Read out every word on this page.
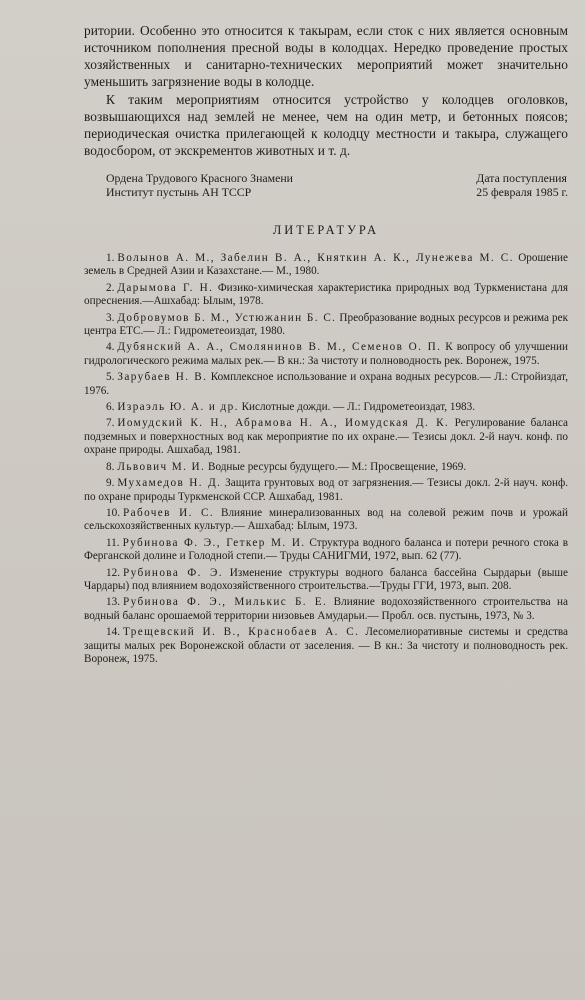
ритории. Особенно это относится к такырам, если сток с них является основным источником пополнения пресной воды в колодцах. Нередко проведение простых хозяйственных и санитарно-технических мероприятий может значительно уменьшить загрязнение воды в колодце.

К таким мероприятиям относится устройство у колодцев оголовков, возвышающихся над землей не менее, чем на один метр, и бетонных поясов; периодическая очистка прилегающей к колодцу местности и такыра, служащего водосбором, от экскрементов животных и т. д.

Ордена Трудового Красного Знамени
Институт пустынь АН ТССР
Дата поступления
25 февраля 1985 г.
ЛИТЕРАТУРА

1. Волынов А. М., Забелин В. А., Княткин А. К., Лунежева М. С. Орошение земель в Средней Азии и Казахстане.— М., 1980.

2. Дарымова Г. Н. Физико-химическая характеристика природных вод Туркменистана для опреснения.—Ашхабад: Ылым, 1978.

3. Добровумов Б. М., Устюжанин Б. С. Преобразование водных ресурсов и режима рек центра ЕТС.— Л.: Гидрометеоиздат, 1980.

4. Дубянский А. А., Смолянинов В. М., Семенов О. П. К вопросу об улучшении гидрологического режима малых рек.— В кн.: За чистоту и полноводность рек. Воронеж, 1975.

5. Зарубаев Н. В. Комплексное использование и охрана водных ресурсов.— Л.: Стройиздат, 1976.

6. Израэль Ю. А. и др. Кислотные дожди. — Л.: Гидрометеоиздат, 1983.

7. Иомудский К. Н., Абрамова Н. А., Иомудская Д. К. Регулирование баланса подземных и поверхностных вод как мероприятие по их охране.— Тезисы докл. 2-й науч. конф. по охране природы. Ашхабад, 1981.

8. Львович М. И. Водные ресурсы будущего.— М.: Просвещение, 1969.

9. Мухамедов Н. Д. Защита грунтовых вод от загрязнения.— Тезисы докл. 2-й науч. конф. по охране природы Туркменской ССР. Ашхабад, 1981.

10. Рабочев И. С. Влияние минерализованных вод на солевой режим почв и урожай сельскохозяйственных культур.— Ашхабад: Ылым, 1973.

11. Рубинова Ф. Э., Геткер М. И. Структура водного баланса и потери речного стока в Ферганской долине и Голодной степи.— Труды САНИГМИ, 1972, вып. 62 (77).

12. Рубинова Ф. Э. Изменение структуры водного баланса бассейна Сырдарьи (выше Чардары) под влиянием водохозяйственного строительства.—Труды ГГИ, 1973, вып. 208.

13. Рубинова Ф. Э., Милькис Б. Е. Влияние водохозяйственного строительства на водный баланс орошаемой территории низовьев Амударьи.— Пробл. осв. пустынь, 1973, № 3.

14. Трещевский И. В., Краснобаев А. С. Лесомелиоративные системы и средства защиты малых рек Воронежской области от заселения. — В кн.: За чистоту и полноводность рек. Воронеж, 1975.
